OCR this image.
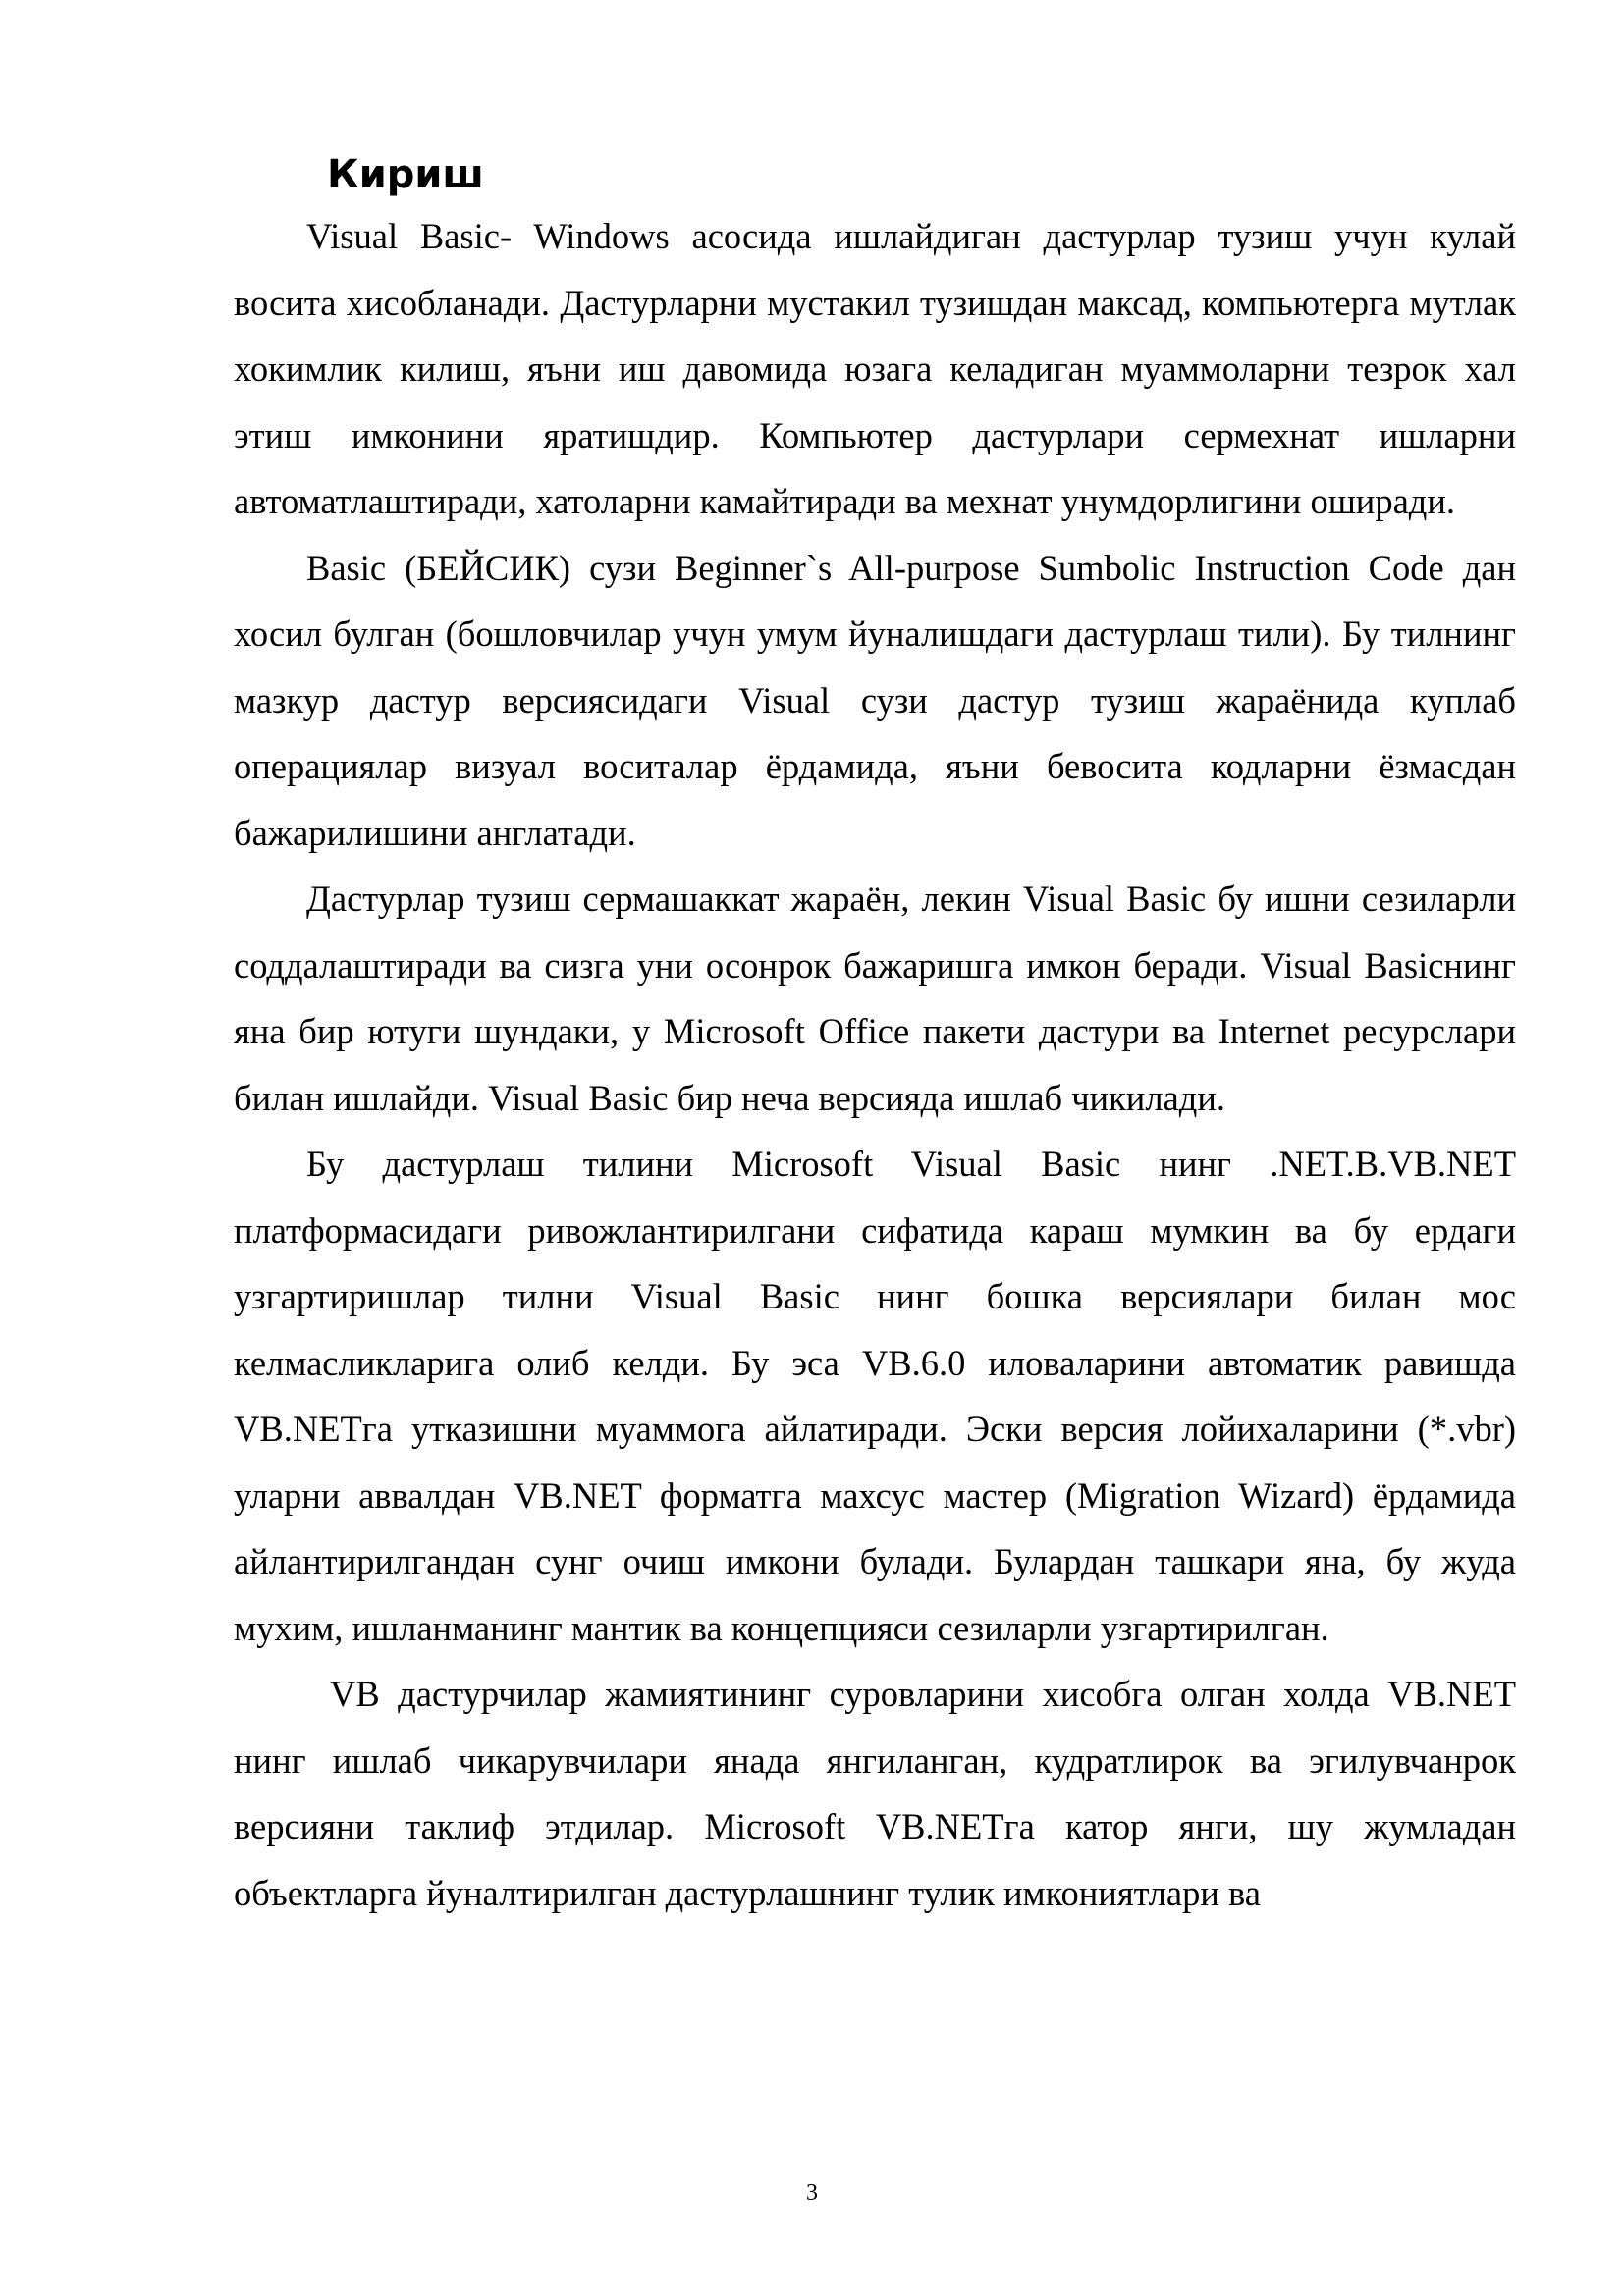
Кириш

Visual Basic- Windows асосида ишлайдиган дастурлар тузиш учун кулай восита хисобланади. Дастурларни мустакил тузишдан максад, компьютерга мутлак хокимлик килиш, яъни иш давомида юзага келадиган муаммоларни тезрок хал этиш имконини яратишдир. Компьютер дастурлари сермехнат ишларни автоматлаштиради, хатоларни камайтиради ва мехнат унумдорлигини оширади.

Basic (БЕЙСИК) сузи Beginner`s All-purpose Sumbolic Instruction Code дан хосил булган (бошловчилар учун умум йуналишдаги дастурлаш тили). Бу тилнинг мазкур дастур версиясидаги Visual сузи дастур тузиш жараёнида куплаб операциялар визуал воситалар ёрдамида, яъни бевосита кодларни ёзмасдан бажарилишини англатади.

Дастурлар тузиш сермашаккат жараён, лекин Visual Basic бу ишни сезиларли соддалаштиради ва сизга уни осонрок бажаришга имкон беради. Visual Basicнинг яна бир ютуги шундаки, у Microsoft Office пакети дастури ва Internet ресурслари билан ишлайди. Visual Basic бир неча версияда ишлаб чикилади.

Бу дастурлаш тилини Microsoft Visual Basic нинг .NET.B.VB.NET платформасидаги ривожлантирилгани сифатида караш мумкин ва бу ердаги узгартиришлар тилни Visual Basic нинг бошка версиялари билан мос келмасликларига олиб келди. Бу эса VB.6.0 иловаларини автоматик равишда VB.NETга утказишни муаммога айлатиради. Эски версия лойихаларини (*.vbr) уларни аввалдан VB.NET форматга махсус мастер (Migration Wizard) ёрдамида айлантирилгандан сунг очиш имкони булади. Булардан ташкари яна, бу жуда мухим, ишланманинг мантик ва концепцияси сезиларли узгартирилган.

VB дастурчилар жамиятининг суровларини хисобга олган холда VB.NET нинг ишлаб чикарувчилари янада янгиланган, кудратлирок ва эгилувчанрок версияни таклиф этдилар. Microsoft VB.NETга катор янги, шу жумладан объектларга йуналтирилган дастурлашнинг тулик имкониятлари ва

3
